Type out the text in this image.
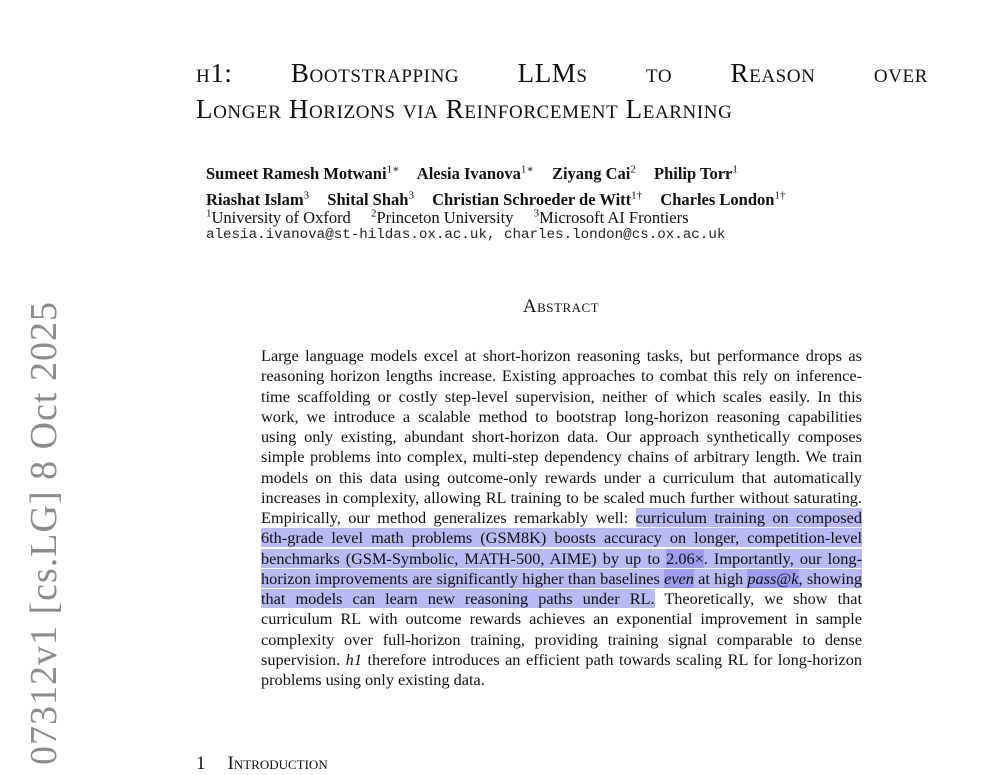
07312v1 [cs.LG] 8 Oct 2025
h1: Bootstrapping LLMs to Reason over
Longer Horizons via Reinforcement Learning
Sumeet Ramesh Motwani$^{1∗}$ Alesia Ivanova$^{1∗}$ Ziyang Cai$^2$ Philip Torr$^1$
Riashat Islam$^3$ Shital Shah$^3$ Christian Schroeder de Witt$^{1\dagger}$ Charles London$^{1\dagger}$
$^1$University of Oxford $^2$Princeton University $^3$Microsoft AI Frontiers
alesia.ivanova@st-hildas.ox.ac.uk, charles.london@cs.ox.ac.uk
Abstract
Large language models excel at short-horizon reasoning tasks, but performance drops as reasoning horizon lengths increase. Existing approaches to combat this rely on inference-time scaffolding or costly step-level supervision, neither of which scales easily. In this work, we introduce a scalable method to bootstrap long-horizon reasoning capabilities using only existing, abundant short-horizon data. Our approach synthetically composes simple problems into complex, multi-step dependency chains of arbitrary length. We train models on this data using outcome-only rewards under a curriculum that automatically increases in complexity, allowing RL training to be scaled much further without saturating. Empirically, our method generalizes remarkably well: curriculum training on composed 6th-grade level math problems (GSM8K) boosts accuracy on longer, competition-level benchmarks (GSM-Symbolic, MATH-500, AIME) by up to 2.06×. Importantly, our long-horizon improvements are significantly higher than baselines even at high pass@k, showing that models can learn new reasoning paths under RL. Theoretically, we show that curriculum RL with outcome rewards achieves an exponential improvement in sample complexity over full-horizon training, providing training signal comparable to dense supervision. h1 therefore introduces an efficient path towards scaling RL for long-horizon problems using only existing data.
1 Introduction
